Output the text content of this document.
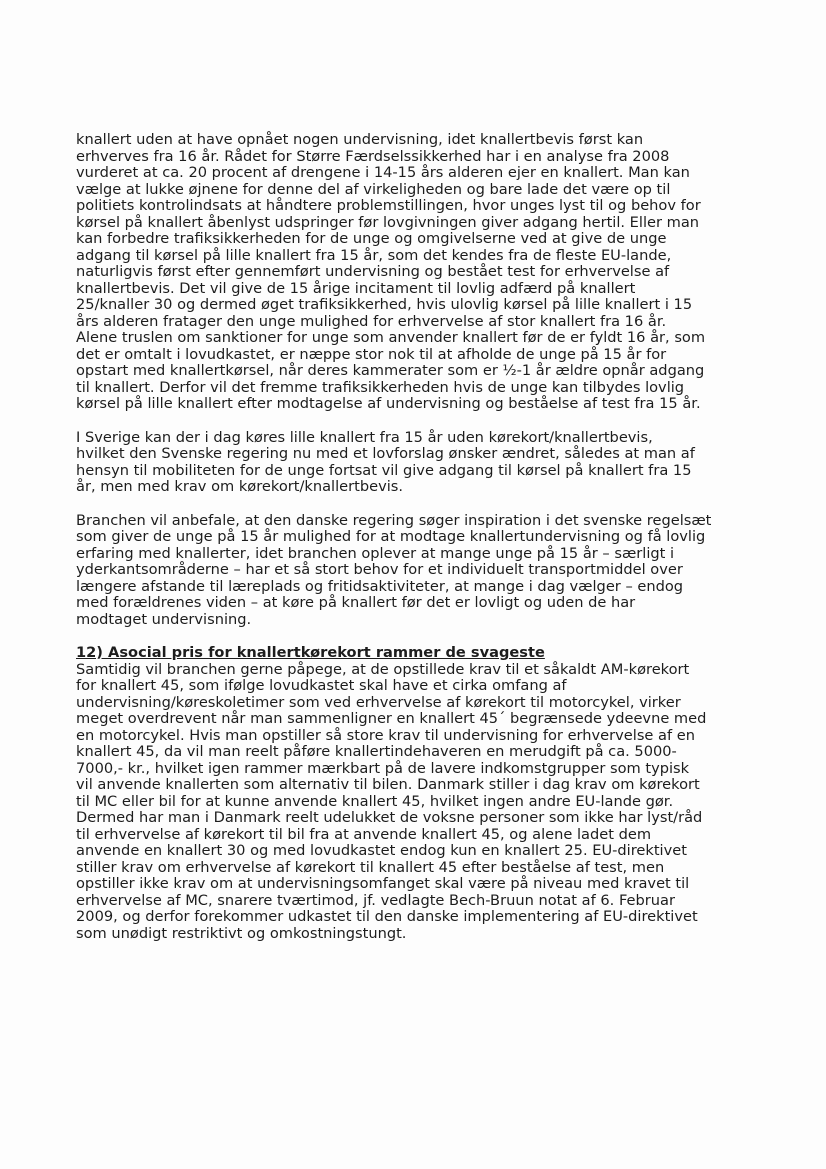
knallert uden at have opnået nogen undervisning, idet knallertbevis først kan
erhverves fra 16 år. Rådet for Større Færdselssikkerhed har i en analyse fra 2008
vurderet at ca. 20 procent af drengene i 14-15 års alderen ejer en knallert. Man kan
vælge at lukke øjnene for denne del af virkeligheden og bare lade det være op til
politiets kontrolindsats at håndtere problemstillingen, hvor unges lyst til og behov for
kørsel på knallert åbenlyst udspringer før lovgivningen giver adgang hertil. Eller man
kan forbedre trafiksikkerheden for de unge og omgivelserne ved at give de unge
adgang til kørsel på lille knallert fra 15 år, som det kendes fra de fleste EU-lande,
naturligvis først efter gennemført undervisning og bestået test for erhvervelse af
knallertbevis. Det vil give de 15 årige incitament til lovlig adfærd på knallert
25/knaller 30 og dermed øget trafiksikkerhed, hvis ulovlig kørsel på lille knallert i 15
års alderen fratager den unge mulighed for erhvervelse af stor knallert fra 16 år.
Alene truslen om sanktioner for unge som anvender knallert før de er fyldt 16 år, som
det er omtalt i lovudkastet, er næppe stor nok til at afholde de unge på 15 år for
opstart med knallertkørsel, når deres kammerater som er ½-1 år ældre opnår adgang
til knallert. Derfor vil det fremme trafiksikkerheden hvis de unge kan tilbydes lovlig
kørsel på lille knallert efter modtagelse af undervisning og beståelse af test fra 15 år.
I Sverige kan der i dag køres lille knallert fra 15 år uden kørekort/knallertbevis,
hvilket den Svenske regering nu med et lovforslag ønsker ændret, således at man af
hensyn til mobiliteten for de unge fortsat vil give adgang til kørsel på knallert fra 15
år, men med krav om kørekort/knallertbevis.
Branchen vil anbefale, at den danske regering søger inspiration i det svenske regelsæt
som giver de unge på 15 år mulighed for at modtage knallertundervisning og få lovlig
erfaring med knallerter, idet branchen oplever at mange unge på 15 år – særligt i
yderkantsområderne – har et så stort behov for et individuelt transportmiddel over
længere afstande til læreplads og fritidsaktiviteter, at mange i dag vælger – endog
med forældrenes viden – at køre på knallert før det er lovligt og uden de har
modtaget undervisning.
12) Asocial pris for knallertkørekort rammer de svageste
Samtidig vil branchen gerne påpege, at de opstillede krav til et såkaldt AM-kørekort
for knallert 45, som ifølge lovudkastet skal have et cirka omfang af
undervisning/køreskoletimer som ved erhvervelse af kørekort til motorcykel, virker
meget overdrevent når man sammenligner en knallert 45´ begrænsede ydeevne med
en motorcykel. Hvis man opstiller så store krav til undervisning for erhvervelse af en
knallert 45, da vil man reelt påføre knallertindehaveren en merudgift på ca. 5000-
7000,- kr., hvilket igen rammer mærkbart på de lavere indkomstgrupper som typisk
vil anvende knallerten som alternativ til bilen. Danmark stiller i dag krav om kørekort
til MC eller bil for at kunne anvende knallert 45, hvilket ingen andre EU-lande gør.
Dermed har man i Danmark reelt udelukket de voksne personer som ikke har lyst/råd
til erhvervelse af kørekort til bil fra at anvende knallert 45, og alene ladet dem
anvende en knallert 30 og med lovudkastet endog kun en knallert 25. EU-direktivet
stiller krav om erhvervelse af kørekort til knallert 45 efter beståelse af test, men
opstiller ikke krav om at undervisningsomfanget skal være på niveau med kravet til
erhvervelse af MC, snarere tværtimod, jf. vedlagte Bech-Bruun notat af 6. Februar
2009, og derfor forekommer udkastet til den danske implementering af EU-direktivet
som unødigt restriktivt og omkostningstungt.
